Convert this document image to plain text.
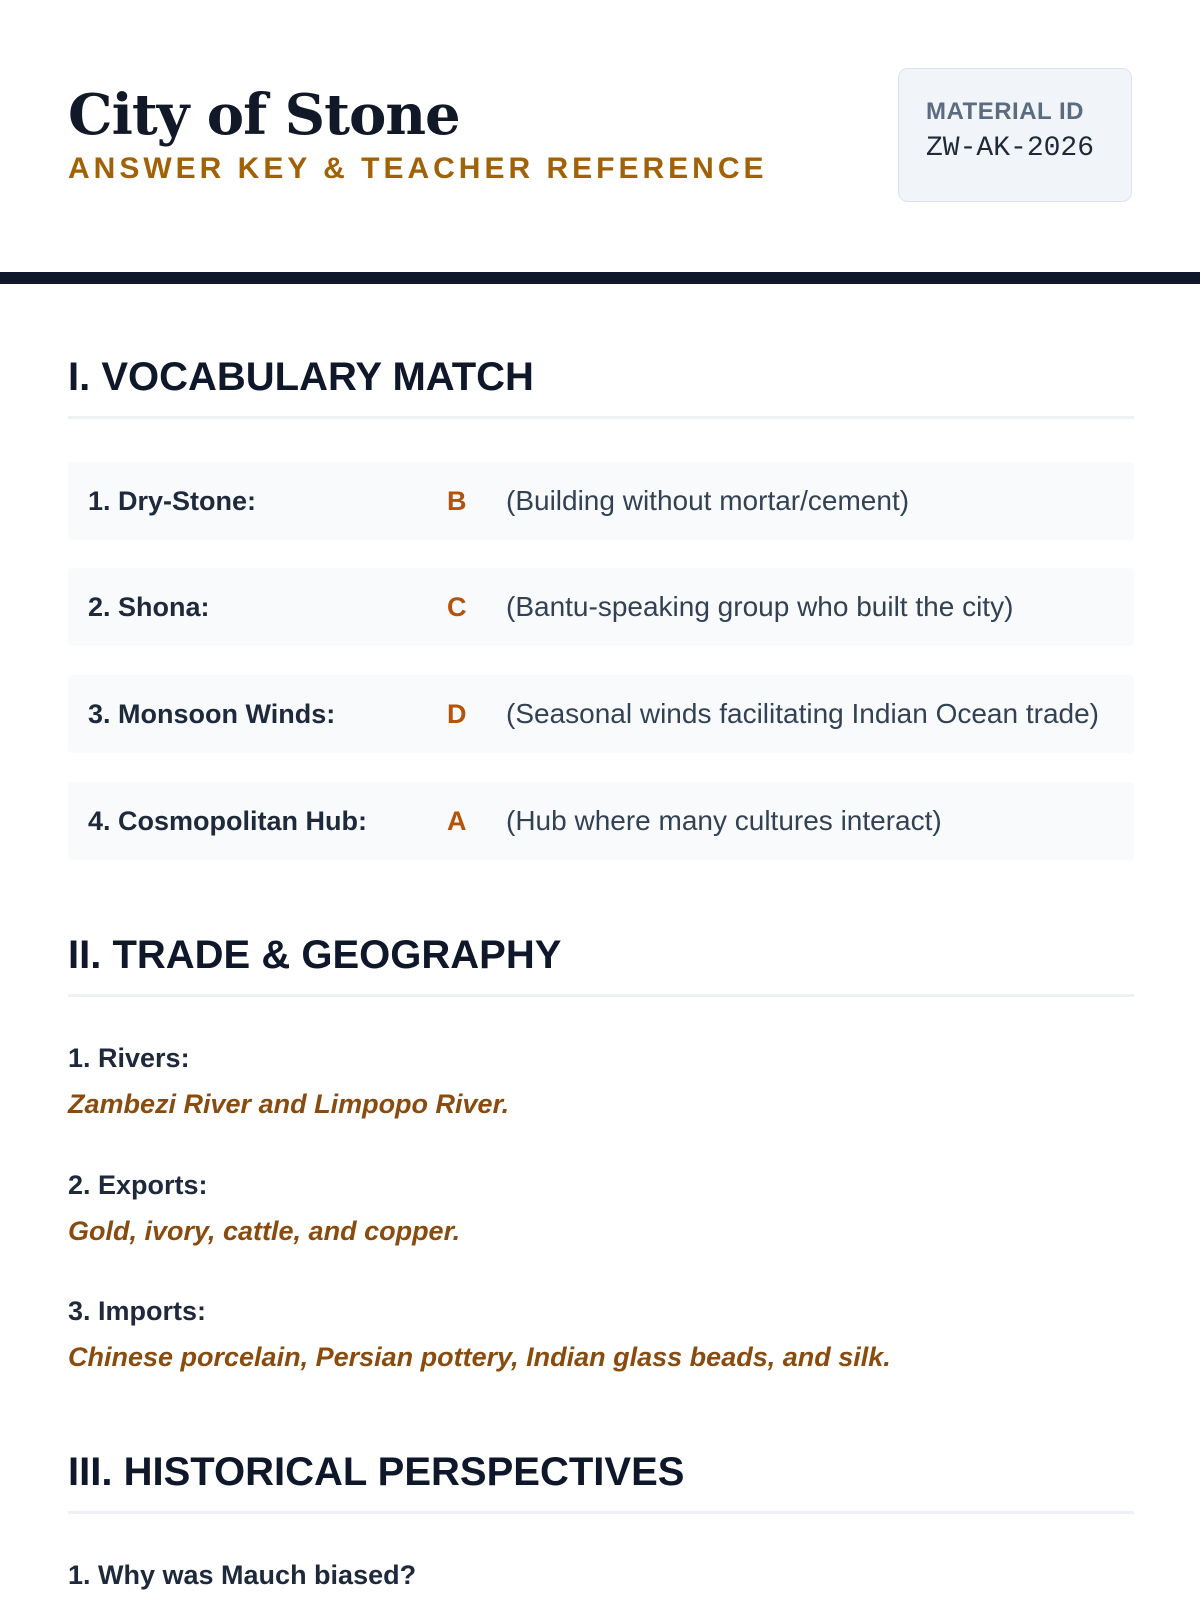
City of Stone
ANSWER KEY & TEACHER REFERENCE
MATERIAL ID
ZW-AK-2026
I. VOCABULARY MATCH
1. Dry-Stone:	B (Building without mortar/cement)
2. Shona:	C (Bantu-speaking group who built the city)
3. Monsoon Winds:	D (Seasonal winds facilitating Indian Ocean trade)
4. Cosmopolitan Hub:	A (Hub where many cultures interact)
II. TRADE & GEOGRAPHY
1. Rivers:
Zambezi River and Limpopo River.
2. Exports:
Gold, ivory, cattle, and copper.
3. Imports:
Chinese porcelain, Persian pottery, Indian glass beads, and silk.
III. HISTORICAL PERSPECTIVES
1. Why was Mauch biased?
